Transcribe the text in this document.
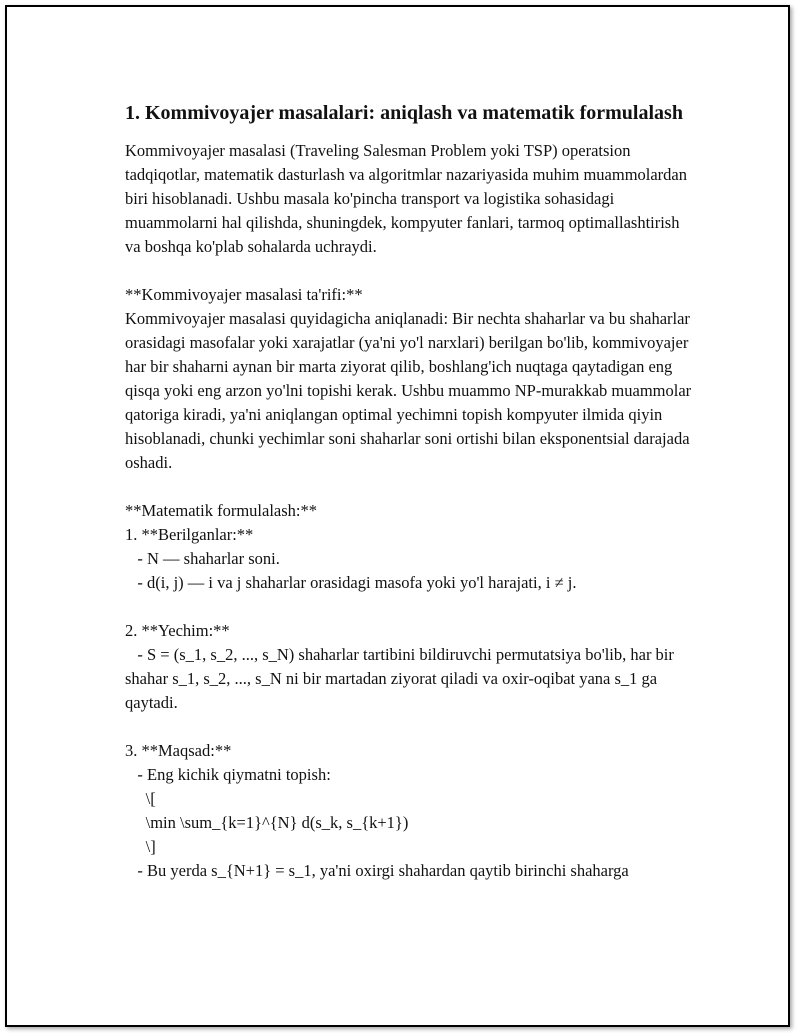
1. Kommivoyajer masalalari: aniqlash va matematik formulalash

Kommivoyajer masalasi (Traveling Salesman Problem yoki TSP) operatsion tadqiqotlar, matematik dasturlash va algoritmlar nazariyasida muhim muammolardan biri hisoblanadi. Ushbu masala ko'pincha transport va logistika sohasidagi muammolarni hal qilishda, shuningdek, kompyuter fanlari, tarmoq optimallashtirish va boshqa ko'plab sohalarda uchraydi.

**Kommivoyajer masalasi ta'rifi:**

Kommivoyajer masalasi quyidagicha aniqlanadi: Bir nechta shaharlar va bu shaharlar orasidagi masofalar yoki xarajatlar (ya'ni yo'l narxlari) berilgan bo'lib, kommivoyajer har bir shaharni aynan bir marta ziyorat qilib, boshlang'ich nuqtaga qaytadigan eng qisqa yoki eng arzon yo'lni topishi kerak. Ushbu muammo NP-murakkab muammolar qatoriga kiradi, ya'ni aniqlangan optimal yechimni topish kompyuter ilmida qiyin hisoblanadi, chunki yechimlar soni shaharlar soni ortishi bilan eksponentsial darajada oshadi.

**Matematik formulalash:**
1. **Berilganlar:**
- N — shaharlar soni.
- d(i, j) — i va j shaharlar orasidagi masofa yoki yo'l harajati, i ≠ j.
2. **Yechim:**

- S = (s_1, s_2, ..., s_N) shaharlar tartibini bildiruvchi permutatsiya bo'lib, har bir shahar s_1, s_2, ..., s_N ni bir martadan ziyorat qiladi va oxir-oqibat yana s_1 ga qaytadi.

3. **Maqsad:**
- Eng kichik qiymatni topish:
\[
\min \sum_{k=1}^{N} d(s_k, s_{k+1})
\]
- Bu yerda s_{N+1} = s_1, ya'ni oxirgi shahardan qaytib birinchi shaharga
